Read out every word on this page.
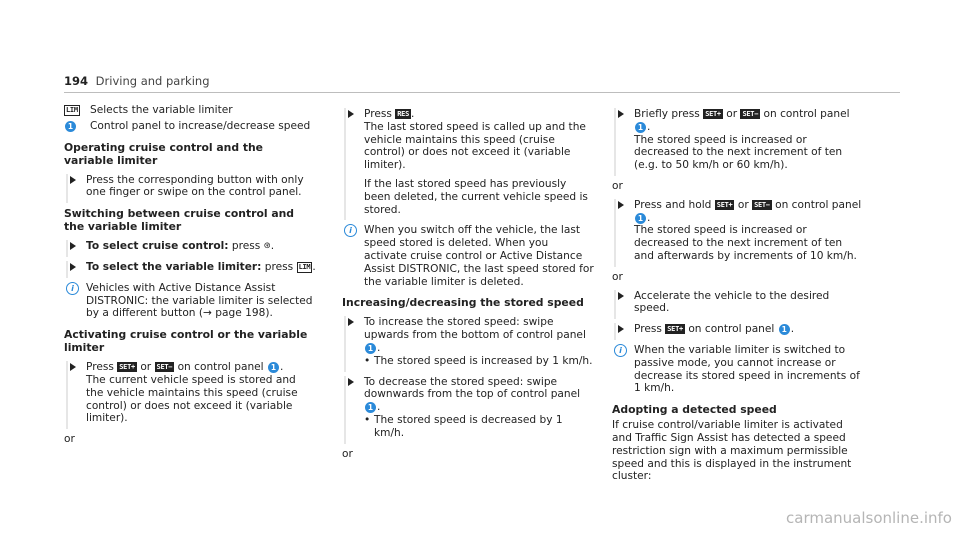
194 Driving and parking
LIM	Selects the variable limiter
1	Control panel to increase/decrease speed
Operating cruise control and the variable limiter

Press the corresponding button with only one finger or swipe on the control panel.

Switching between cruise control and the variable limiter
To select cruise control: press ⊛.
To select the variable limiter: press LIM .
i	Vehicles with Active Distance Assist DISTRONIC: the variable limiter is selected by a different button (→ page 198).
Activating cruise control or the variable limiter
Press SET+ or SET− on control panel 1 .

The current vehicle speed is stored and the vehicle maintains this speed (cruise control) or does not exceed it (variable limiter).

or

Press RES .

The last stored speed is called up and the vehicle maintains this speed (cruise control) or does not exceed it (variable limiter).

If the last stored speed has previously been deleted, the current vehicle speed is stored.

i	When you switch off the vehicle, the last speed stored is deleted. When you activate cruise control or Active Distance Assist DISTRONIC, the last speed stored for the variable limiter is deleted.
Increasing/decreasing the stored speed
To increase the stored speed: swipe upwards from the bottom of control panel 1 .
• The stored speed is increased by 1 km/h.
To decrease the stored speed: swipe downwards from the top of control panel 1 .
• The stored speed is decreased by 1 km/h.

or

Briefly press SET+ or SET− on control panel 1 .

The stored speed is increased or decreased to the next increment of ten (e.g. to 50 km/h or 60 km/h).

or

Press and hold SET+ or SET− on control panel 1 .

The stored speed is increased or decreased to the next increment of ten and afterwards by increments of 10 km/h.

or

Accelerate the vehicle to the desired speed.
Press SET+ on control panel 1 .
i	When the variable limiter is switched to passive mode, you cannot increase or decrease its stored speed in increments of 1 km/h.
Adopting a detected speed

If cruise control/variable limiter is activated and Traffic Sign Assist has detected a speed restriction sign with a maximum permissible speed and this is displayed in the instrument cluster:

carmanualsonline.info
